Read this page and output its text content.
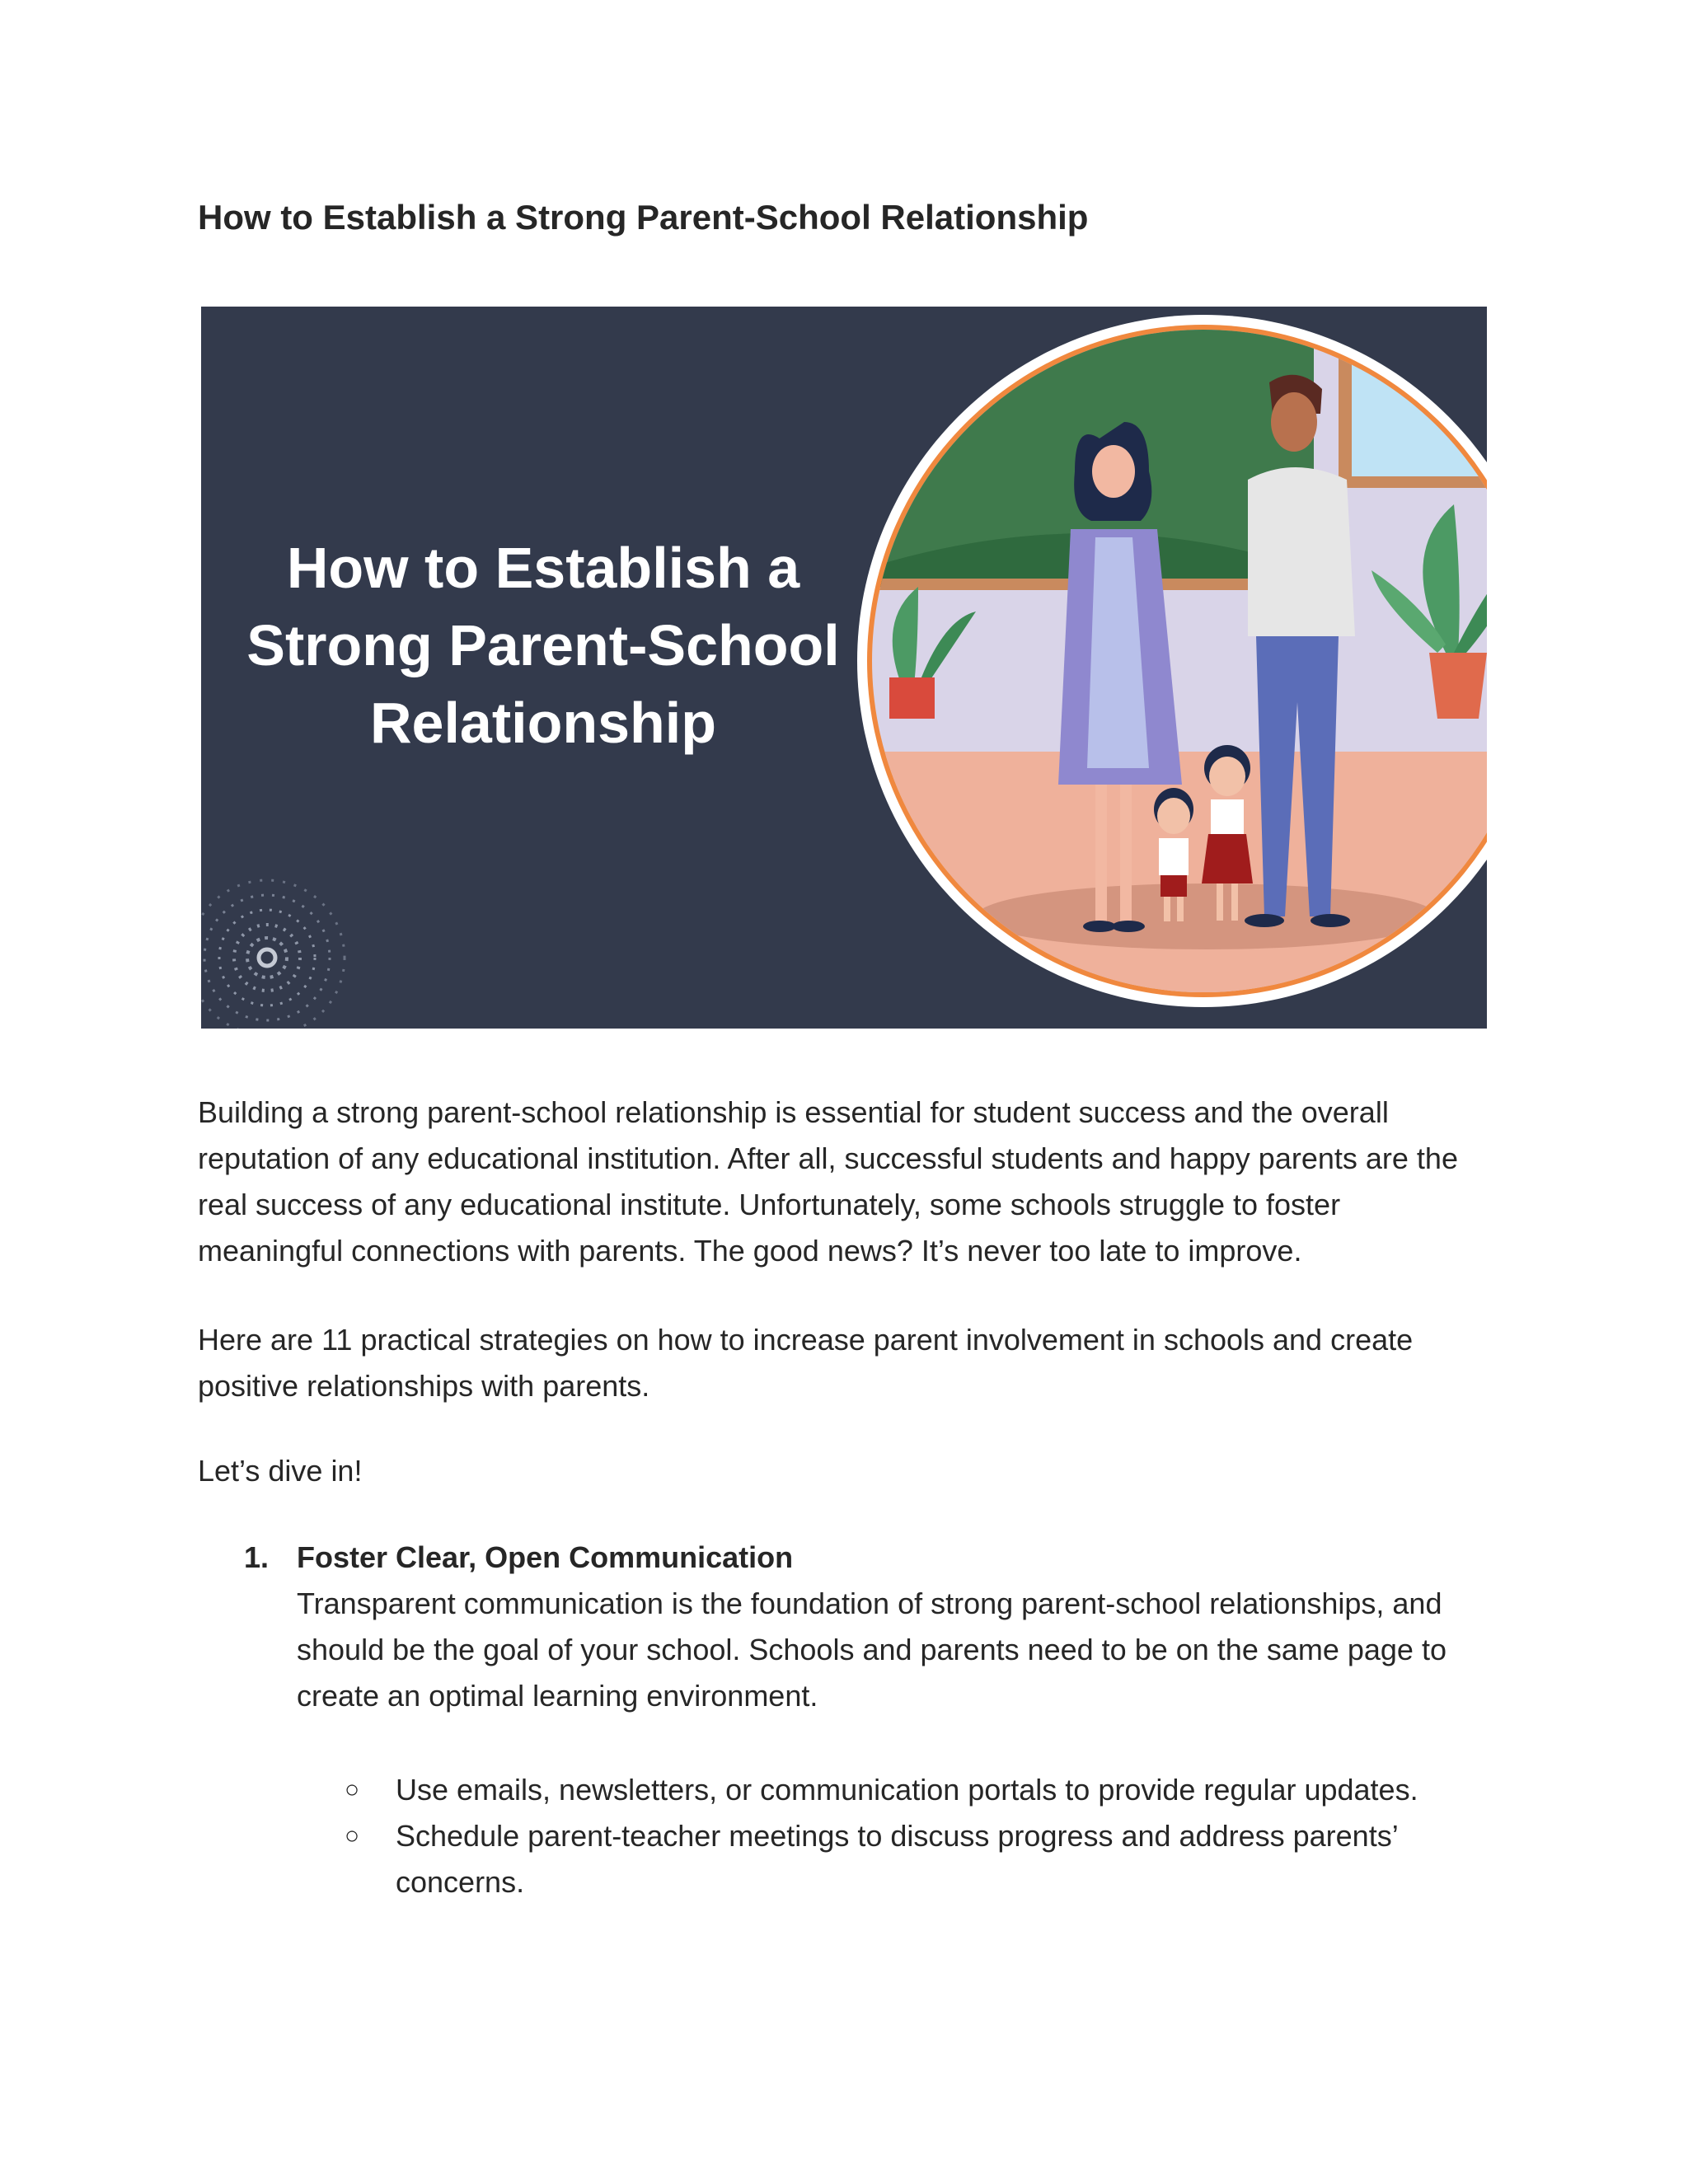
How to Establish a Strong Parent-School Relationship
How to Establish a Strong Parent-School Relationship

Building a strong parent-school relationship is essential for student success and the overall reputation of any educational institution. After all, successful students and happy parents are the real success of any educational institute. Unfortunately, some schools struggle to foster meaningful connections with parents. The good news? It’s never too late to improve.

Here are 11 practical strategies on how to increase parent involvement in schools and create positive relationships with parents.

Let’s dive in!

1. Foster Clear, Open Communication

Transparent communication is the foundation of strong parent-school relationships, and should be the goal of your school. Schools and parents need to be on the same page to create an optimal learning environment.

○ Use emails, newsletters, or communication portals to provide regular updates.
○ Schedule parent-teacher meetings to discuss progress and address parents’ concerns.
